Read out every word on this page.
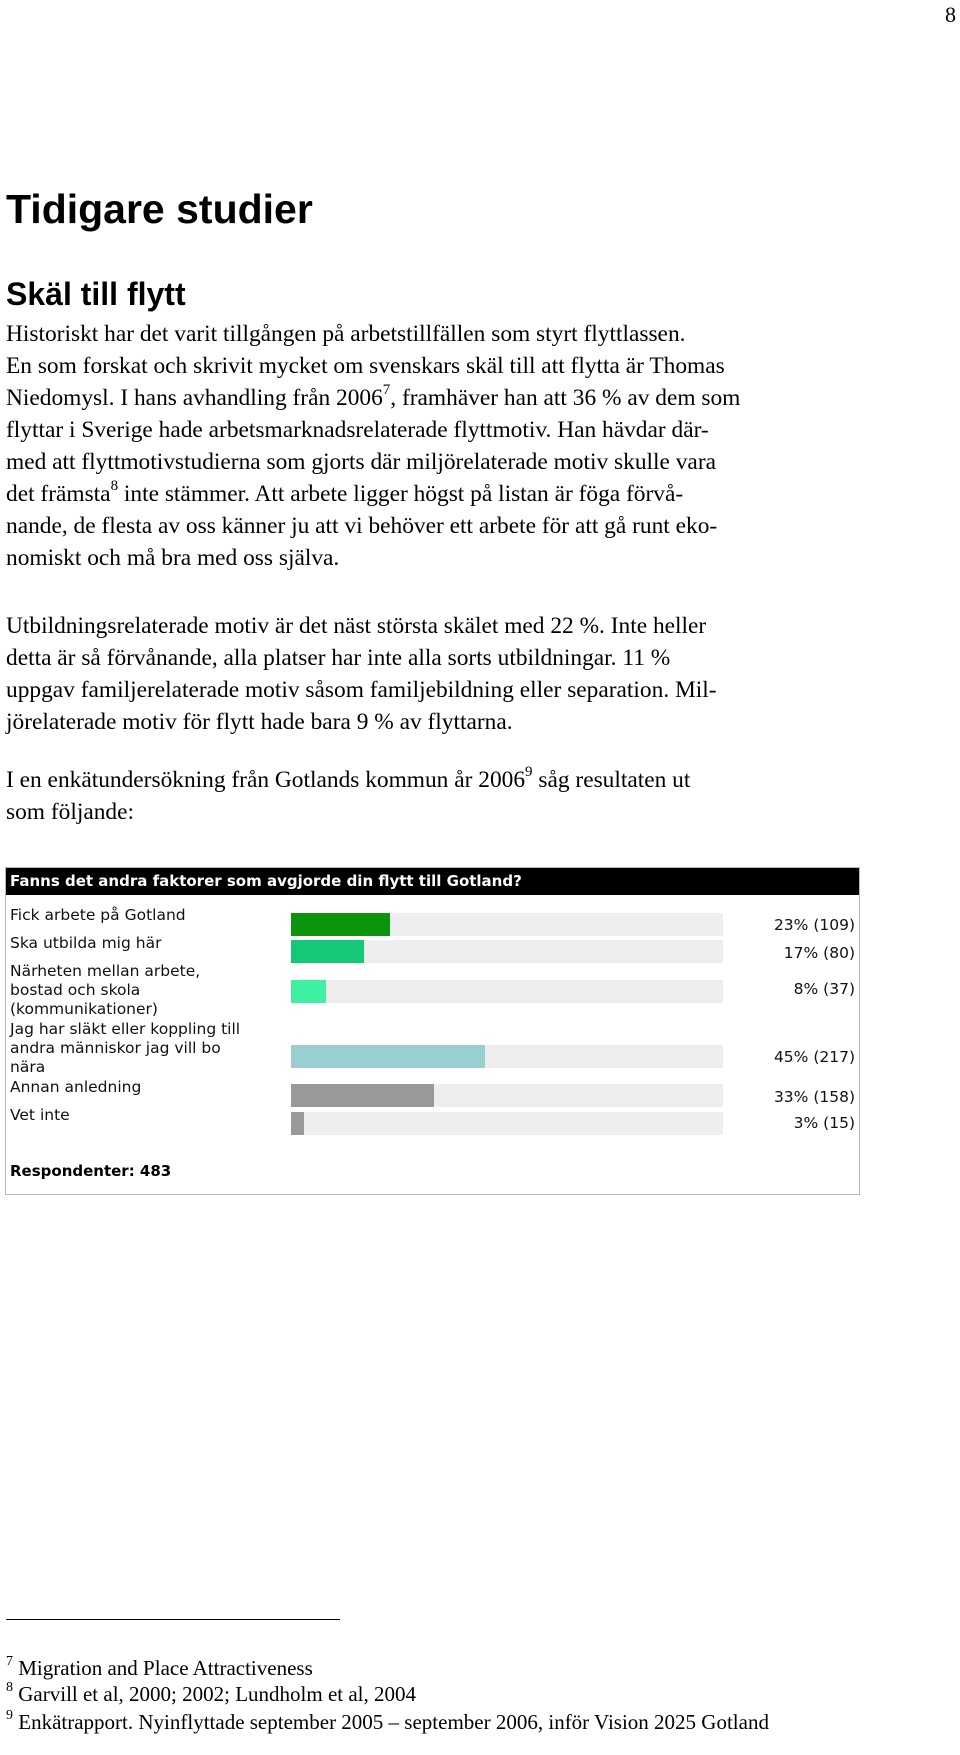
8
Tidigare studier
Skäl till flytt
Historiskt har det varit tillgången på arbetstillfällen som styrt flyttlassen.
En som forskat och skrivit mycket om svenskars skäl till att flytta är Thomas
Niedomysl. I hans avhandling från 2006$^7$, framhäver han att 36 % av dem som
flyttar i Sverige hade arbetsmarknadsrelaterade flyttmotiv. Han hävdar där-
med att flyttmotivstudierna som gjorts där miljörelaterade motiv skulle vara
det främsta$^8$ inte stämmer. Att arbete ligger högst på listan är föga förvå-
nande, de flesta av oss känner ju att vi behöver ett arbete för att gå runt eko-
nomiskt och må bra med oss själva.
Utbildningsrelaterade motiv är det näst största skälet med 22 %. Inte heller
detta är så förvånande, alla platser har inte alla sorts utbildningar. 11 %
uppgav familjerelaterade motiv såsom familjebildning eller separation. Mil-
jörelaterade motiv för flytt hade bara 9 % av flyttarna.
I en enkätundersökning från Gotlands kommun år 2006$^9$ såg resultaten ut
som följande:
Fanns det andra faktorer som avgjorde din flytt till Gotland?
Fick arbete på Gotland
23% (109)
Ska utbilda mig här
17% (80)
Närheten mellan arbete,
bostad och skola
(kommunikationer)
8% (37)
Jag har släkt eller koppling till
andra människor jag vill bo
nära
45% (217)
Annan anledning
33% (158)
Vet inte	3% (15)
Respondenter: 483
$^7$ Migration and Place Attractiveness
$^8$ Garvill et al, 2000; 2002; Lundholm et al, 2004
$^9$ Enkätrapport. Nyinflyttade september 2005 – september 2006, inför Vision 2025 Gotland
